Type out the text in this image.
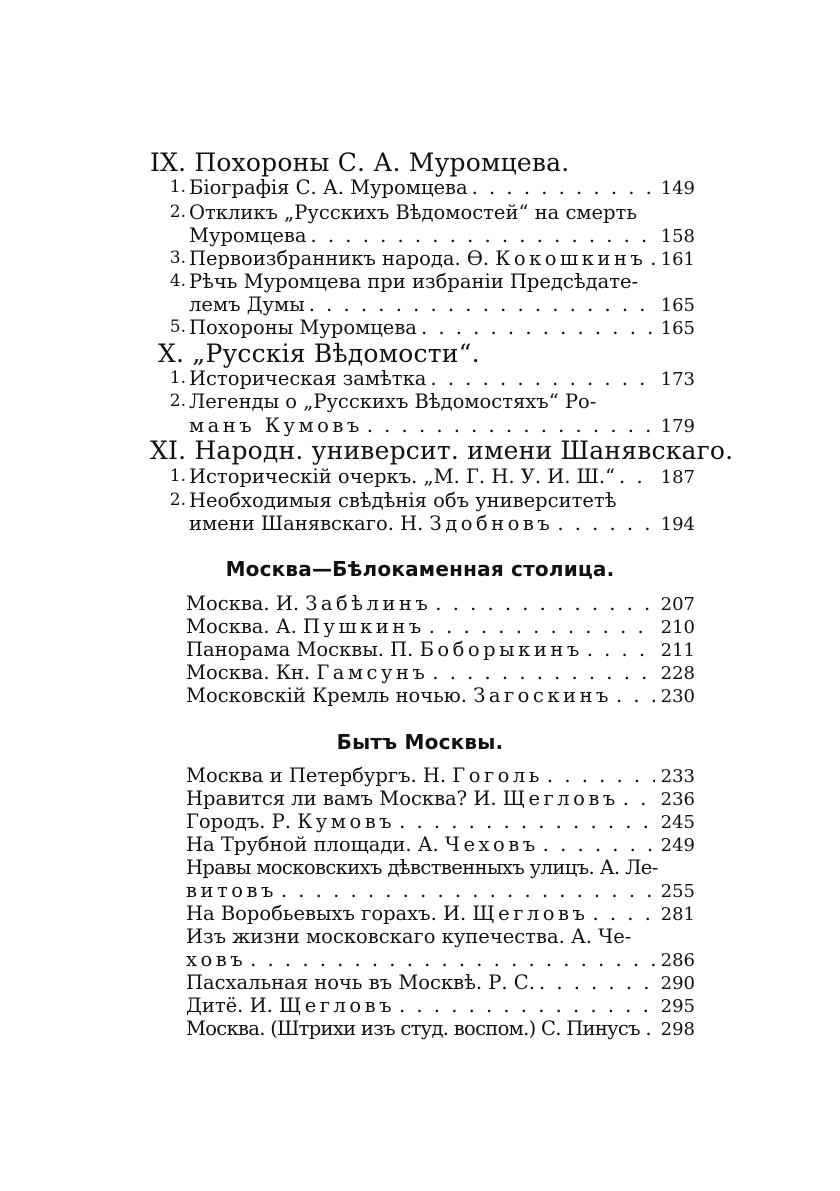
IX. Похороны С. А. Муромцева.
1. Біографія С. А. Муромцева . . .	149
2. Откликъ „Русскихъ Вѣдомостей“ на смерть
Муромцева . . .	158
3. Первоизбранникъ народа. Ѳ. Кокошкинъ . . . 161
4. Рѣчь Муромцева при избраніи Предсѣдате-
лемъ Думы . . .	165
5. Похороны Муромцева . . .	165
X. „Русскія Вѣдомости“.
1. Историческая замѣтка . . .	173
2. Легенды о „Русскихъ Вѣдомостяхъ“ Ро-
манъ Кумовъ . . .	179
XI. Народн. университ. имени Шанявскаго.
1. Историческій очеркъ. „М. Г. Н. У. И. Ш.“ . . .	187
2. Необходимыя свѣдѣнія объ университетѣ
имени Шанявскаго. Н. Здобновъ . . .	194
Москва—Бѣлокаменная столица.
Москва. И. Забѣлинъ . . .	207
Москва. А. Пушкинъ . . .	210
Панорама Москвы. П. Боборыкинъ . . .	211
Москва. Кн. Гамсунъ . . .	228
Московскій Кремль ночью. Загоскинъ . . .	230
Бытъ Москвы.
Москва и Петербургъ. Н. Гоголь . . .	233
Нравится ли вамъ Москва? И. Щегловъ . . . 236
Городъ. Р. Кумовъ . . .	245
На Трубной площади. А. Чеховъ . . .	249
Нравы московскихъ дѣвственныхъ улицъ. А. Ле-
витовъ . . .	255
На Воробьевыхъ горахъ. И. Щегловъ . . .	281
Изъ жизни московскаго купечества. А. Че-
ховъ . . .	286
Пасхальная ночь въ Москвѣ. Р. С. . . .	290
Дитё. И. Щегловъ . . .	295
Москва. (Штрихи изъ студ. воспом.) С. Пинусъ . 298
